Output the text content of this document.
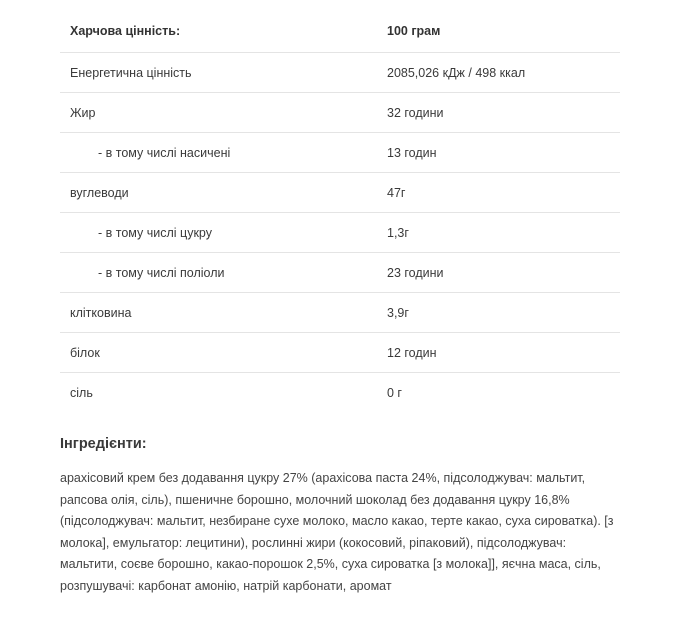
Харчова цінність:	100 грам
Енергетична цінність	2085,026 кДж / 498 ккал
Жир	32 години
- в тому числі насичені	13 годин
вуглеводи	47г
- в тому числі цукру	1,3г
- в тому числі поліоли	23 години
клітковина	3,9г
білок	12 годин
сіль	0 г
Інгредієнти:

арахісовий крем без додавання цукру 27% (арахісова паста 24%, підсолоджувач: мальтит, рапсова олія, сіль), пшеничне борошно, молочний шоколад без додавання цукру 16,8% (підсолоджувач: мальтит, незбиране сухе молоко, масло какао, терте какао, суха сироватка). [з молока], емульгатор: лецитини), рослинні жири (кокосовий, ріпаковий), підсолоджувач: мальтити, соєве борошно, какао-порошок 2,5%, суха сироватка [з молока]], яєчна маса, сіль, розпушувачі: карбонат амонію, натрій карбонати, аромат
